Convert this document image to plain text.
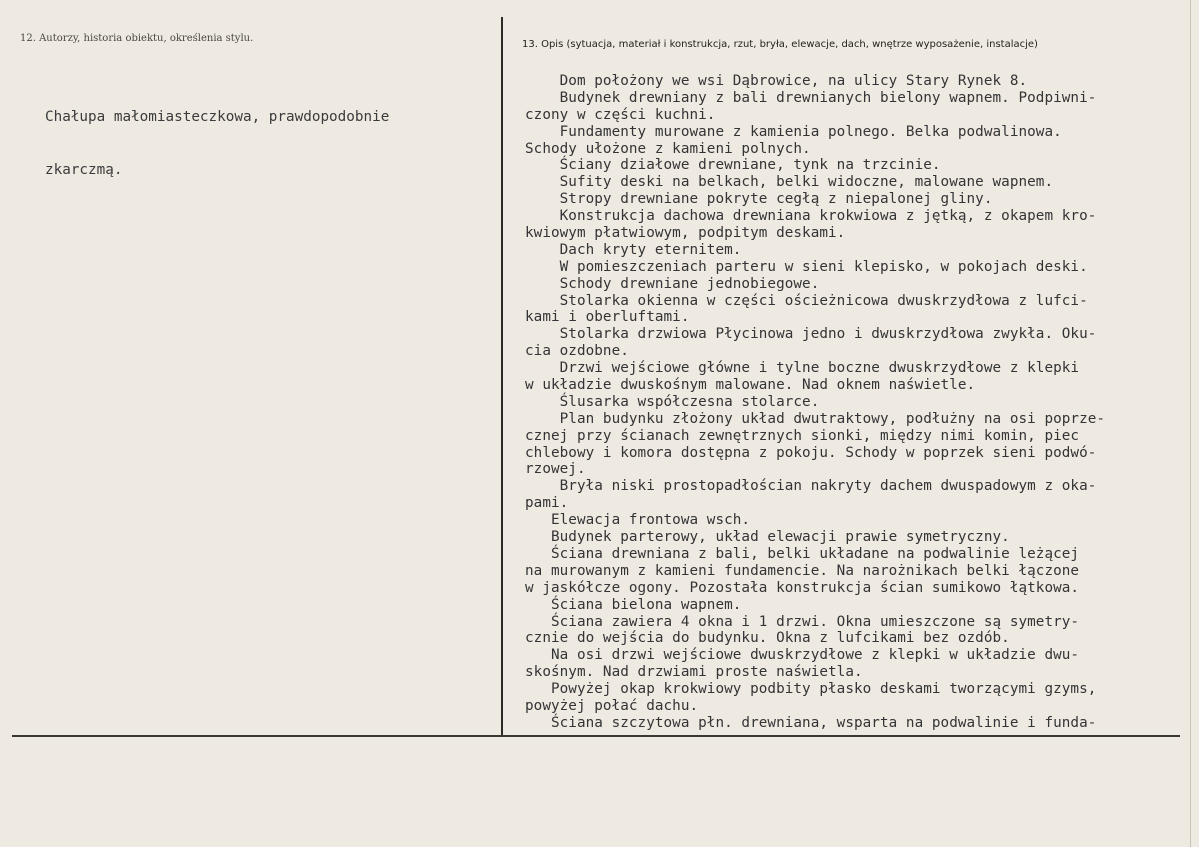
12. Autorzy, historia obiektu, określenia stylu.
13. Opis (sytuacja, materiał i konstrukcja, rzut, bryła, elewacje, dach, wnętrze wyposażenie, instalacje)

Chałupa małomiasteczkowa, prawdopodobnie

zkarczmą.

Dom położony we wsi Dąbrowice, na ulicy Stary Rynek 8.
Budynek drewniany z bali drewnianych bielony wapnem. Podpiwni-
czony w części kuchni.
Fundamenty murowane z kamienia polnego. Belka podwalinowa.
Schody ułożone z kamieni polnych.
Ściany działowe drewniane, tynk na trzcinie.
Sufity deski na belkach, belki widoczne, malowane wapnem.
Stropy drewniane pokryte cegłą z niepalonej gliny.
Konstrukcja dachowa drewniana krokwiowa z jętką, z okapem kro-
kwiowym płatwiowym, podpitym deskami.
Dach kryty eternitem.
W pomieszczeniach parteru w sieni klepisko, w pokojach deski.
Schody drewniane jednobiegowe.
Stolarka okienna w części ościeżnicowa dwuskrzydłowa z lufci-
kami i oberluftami.
Stolarka drzwiowa Płycinowa jedno i dwuskrzydłowa zwykła. Oku-
cia ozdobne.
Drzwi wejściowe główne i tylne boczne dwuskrzydłowe z klepki
w układzie dwuskośnym malowane. Nad oknem naświetle.
Ślusarka współczesna stolarce.
Plan budynku złożony układ dwutraktowy, podłużny na osi poprze-
cznej przy ścianach zewnętrznych sionki, między nimi komin, piec
chlebowy i komora dostępna z pokoju. Schody w poprzek sieni podwó-
rzowej.
Bryła niski prostopadłościan nakryty dachem dwuspadowym z oka-
pami.
Elewacja frontowa wsch.
Budynek parterowy, układ elewacji prawie symetryczny.
Ściana drewniana z bali, belki układane na podwalinie leżącej
na murowanym z kamieni fundamencie. Na narożnikach belki łączone
w jaskółcze ogony. Pozostała konstrukcja ścian sumikowo łątkowa.
Ściana bielona wapnem.
Ściana zawiera 4 okna i 1 drzwi. Okna umieszczone są symetry-
cznie do wejścia do budynku. Okna z lufcikami bez ozdób.
Na osi drzwi wejściowe dwuskrzydłowe z klepki w układzie dwu-
skośnym. Nad drzwiami proste naświetla.
Powyżej okap krokwiowy podbity płasko deskami tworzącymi gzyms,
powyżej połać dachu.
Ściana szczytowa płn. drewniana, wsparta na podwalinie i funda-
